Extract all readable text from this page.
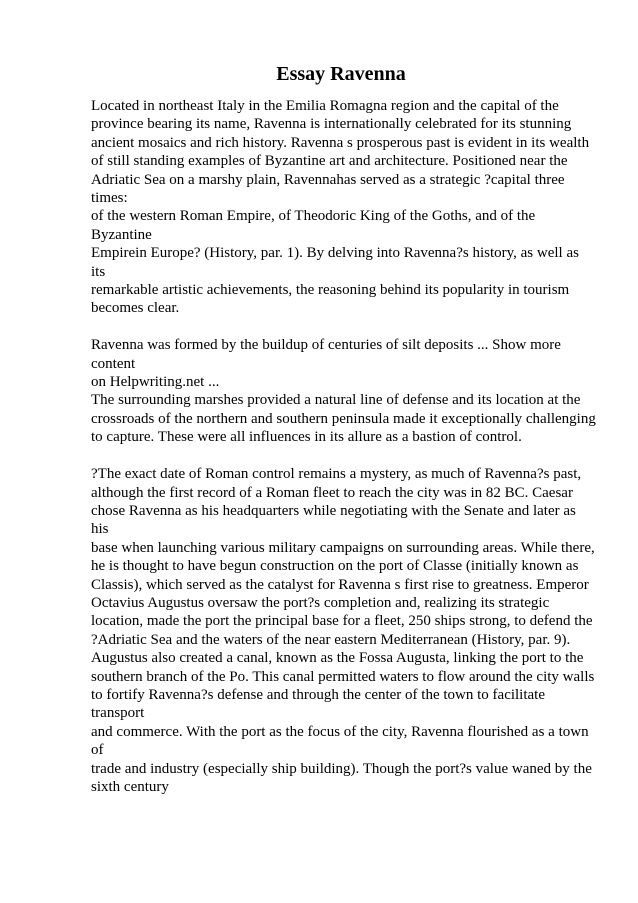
Essay Ravenna

Located in northeast Italy in the Emilia Romagna region and the capital of the
province bearing its name, Ravenna is internationally celebrated for its stunning
ancient mosaics and rich history. Ravenna s prosperous past is evident in its wealth
of still standing examples of Byzantine art and architecture. Positioned near the
Adriatic Sea on a marshy plain, Ravennahas served as a strategic ?capital three times:
of the western Roman Empire, of Theodoric King of the Goths, and of the Byzantine
Empirein Europe? (History, par. 1). By delving into Ravenna?s history, as well as its
remarkable artistic achievements, the reasoning behind its popularity in tourism
becomes clear.

Ravenna was formed by the buildup of centuries of silt deposits ... Show more content
on Helpwriting.net ...

The surrounding marshes provided a natural line of defense and its location at the
crossroads of the northern and southern peninsula made it exceptionally challenging
to capture. These were all influences in its allure as a bastion of control.

?The exact date of Roman control remains a mystery, as much of Ravenna?s past,
although the first record of a Roman fleet to reach the city was in 82 BC. Caesar
chose Ravenna as his headquarters while negotiating with the Senate and later as his
base when launching various military campaigns on surrounding areas. While there,
he is thought to have begun construction on the port of Classe (initially known as
Classis), which served as the catalyst for Ravenna s first rise to greatness. Emperor
Octavius Augustus oversaw the port?s completion and, realizing its strategic
location, made the port the principal base for a fleet, 250 ships strong, to defend the
?Adriatic Sea and the waters of the near eastern Mediterranean (History, par. 9).
Augustus also created a canal, known as the Fossa Augusta, linking the port to the
southern branch of the Po. This canal permitted waters to flow around the city walls
to fortify Ravenna?s defense and through the center of the town to facilitate transport
and commerce. With the port as the focus of the city, Ravenna flourished as a town of
trade and industry (especially ship building). Though the port?s value waned by the
sixth century
